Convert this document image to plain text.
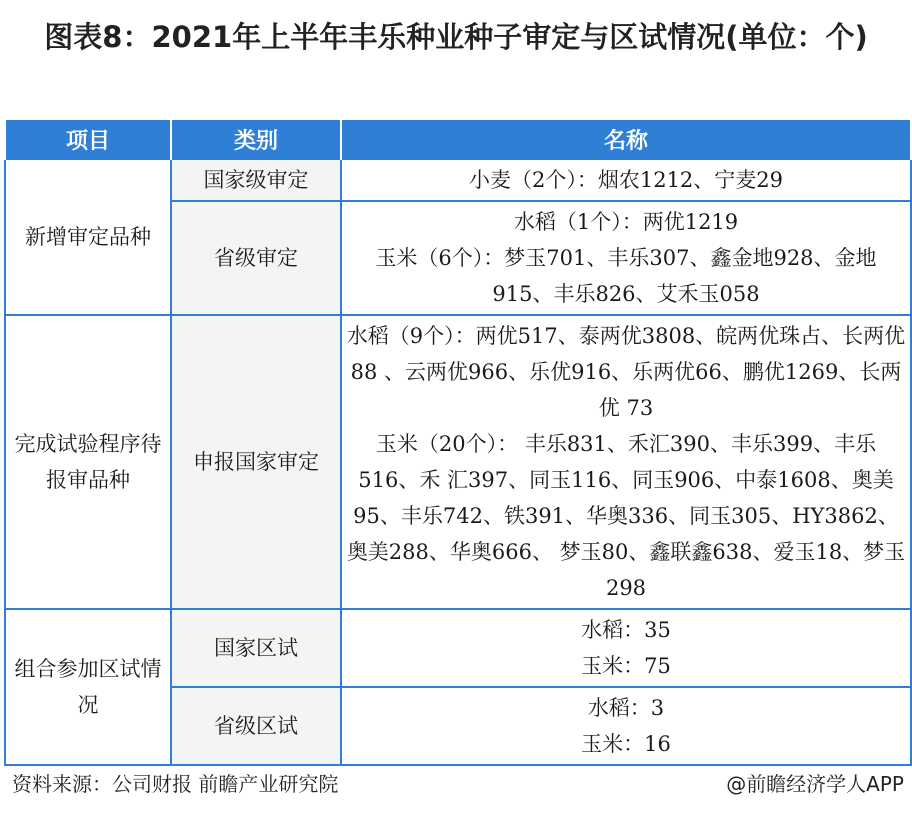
图表8：2021年上半年丰乐种业种子审定与区试情况(单位：个)
项目	类别	名称
新增审定品种	国家级审定	小麦（2个）：烟农1212、宁麦29

	省级审定	水稻（1个）：两优1219
玉米（6个）：梦玉701、丰乐307、鑫金地928、金地915、丰乐826、艾禾玉058

完成试验程序待报审品种	申报国家审定	水稻（9个）：两优517、泰两优3808、皖两优珠占、长两优 88 、云两优966、乐优916、乐两优66、鹏优1269、长两优 73
玉米（20个）： 丰乐831、禾汇390、丰乐399、丰乐516、禾 汇397、同玉116、同玉906、中泰1608、奥美95、丰乐742、铁391、华奥336、同玉305、HY3862、奥美288、华奥666、 梦玉80、鑫联鑫638、爱玉18、梦玉298

组合参加区试情况	国家区试	水稻：35
玉米：75

	省级区试	水稻：3
玉米：16
资料来源：公司财报 前瞻产业研究院	@前瞻经济学人APP
